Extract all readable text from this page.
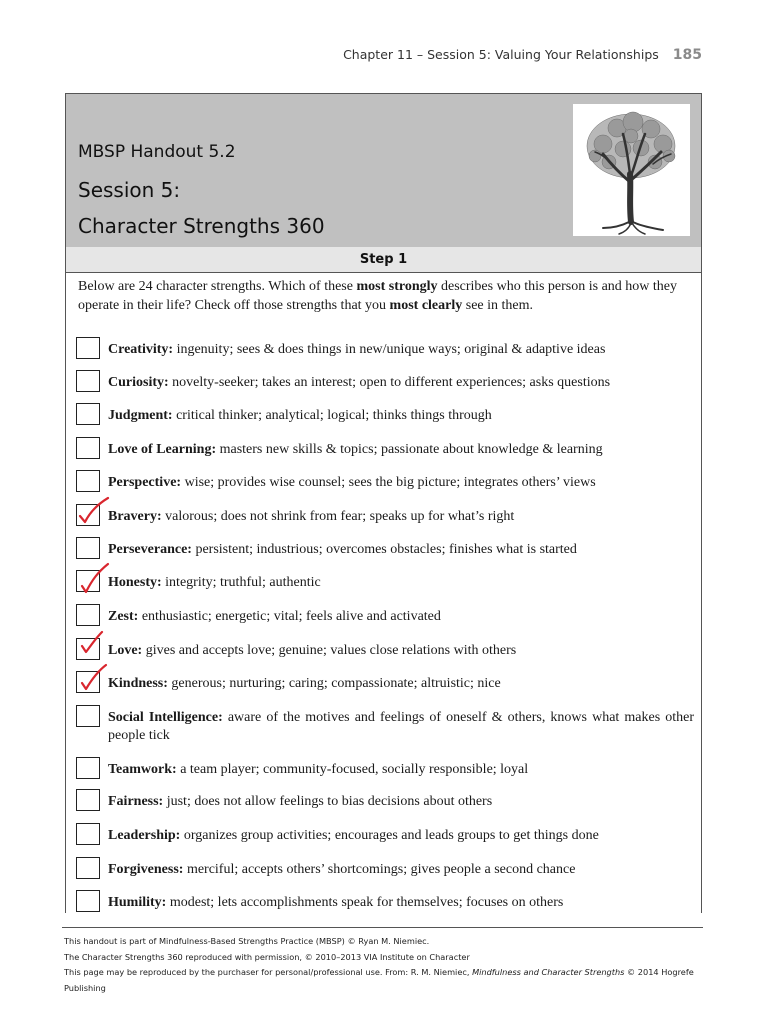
Chapter 11 – Session 5: Valuing Your Relationships 185
MBSP Handout 5.2
Session 5:
Character Strengths 360
Step 1
Below are 24 character strengths. Which of these most strongly describes who this person is and how they operate in their life? Check off those strengths that you most clearly see in them.
Creativity: ingenuity; sees & does things in new/unique ways; original & adaptive ideas
Curiosity: novelty-seeker; takes an interest; open to different experiences; asks questions
Judgment: critical thinker; analytical; logical; thinks things through
Love of Learning: masters new skills & topics; passionate about knowledge & learning
Perspective: wise; provides wise counsel; sees the big picture; integrates others’ views
Bravery: valorous; does not shrink from fear; speaks up for what’s right
Perseverance: persistent; industrious; overcomes obstacles; finishes what is started
Honesty: integrity; truthful; authentic
Zest: enthusiastic; energetic; vital; feels alive and activated
Love: gives and accepts love; genuine; values close relations with others
Kindness: generous; nurturing; caring; compassionate; altruistic; nice
Social Intelligence: aware of the motives and feelings of oneself & others, knows what makes other people tick
Teamwork: a team player; community-focused, socially responsible; loyal
Fairness: just; does not allow feelings to bias decisions about others
Leadership: organizes group activities; encourages and leads groups to get things done
Forgiveness: merciful; accepts others’ shortcomings; gives people a second chance
Humility: modest; lets accomplishments speak for themselves; focuses on others
This handout is part of Mindfulness-Based Strengths Practice (MBSP) © Ryan M. Niemiec.
The Character Strengths 360 reproduced with permission, © 2010–2013 VIA Institute on Character
This page may be reproduced by the purchaser for personal/professional use. From: R. M. Niemiec, Mindfulness and Character Strengths © 2014 Hogrefe Publishing
